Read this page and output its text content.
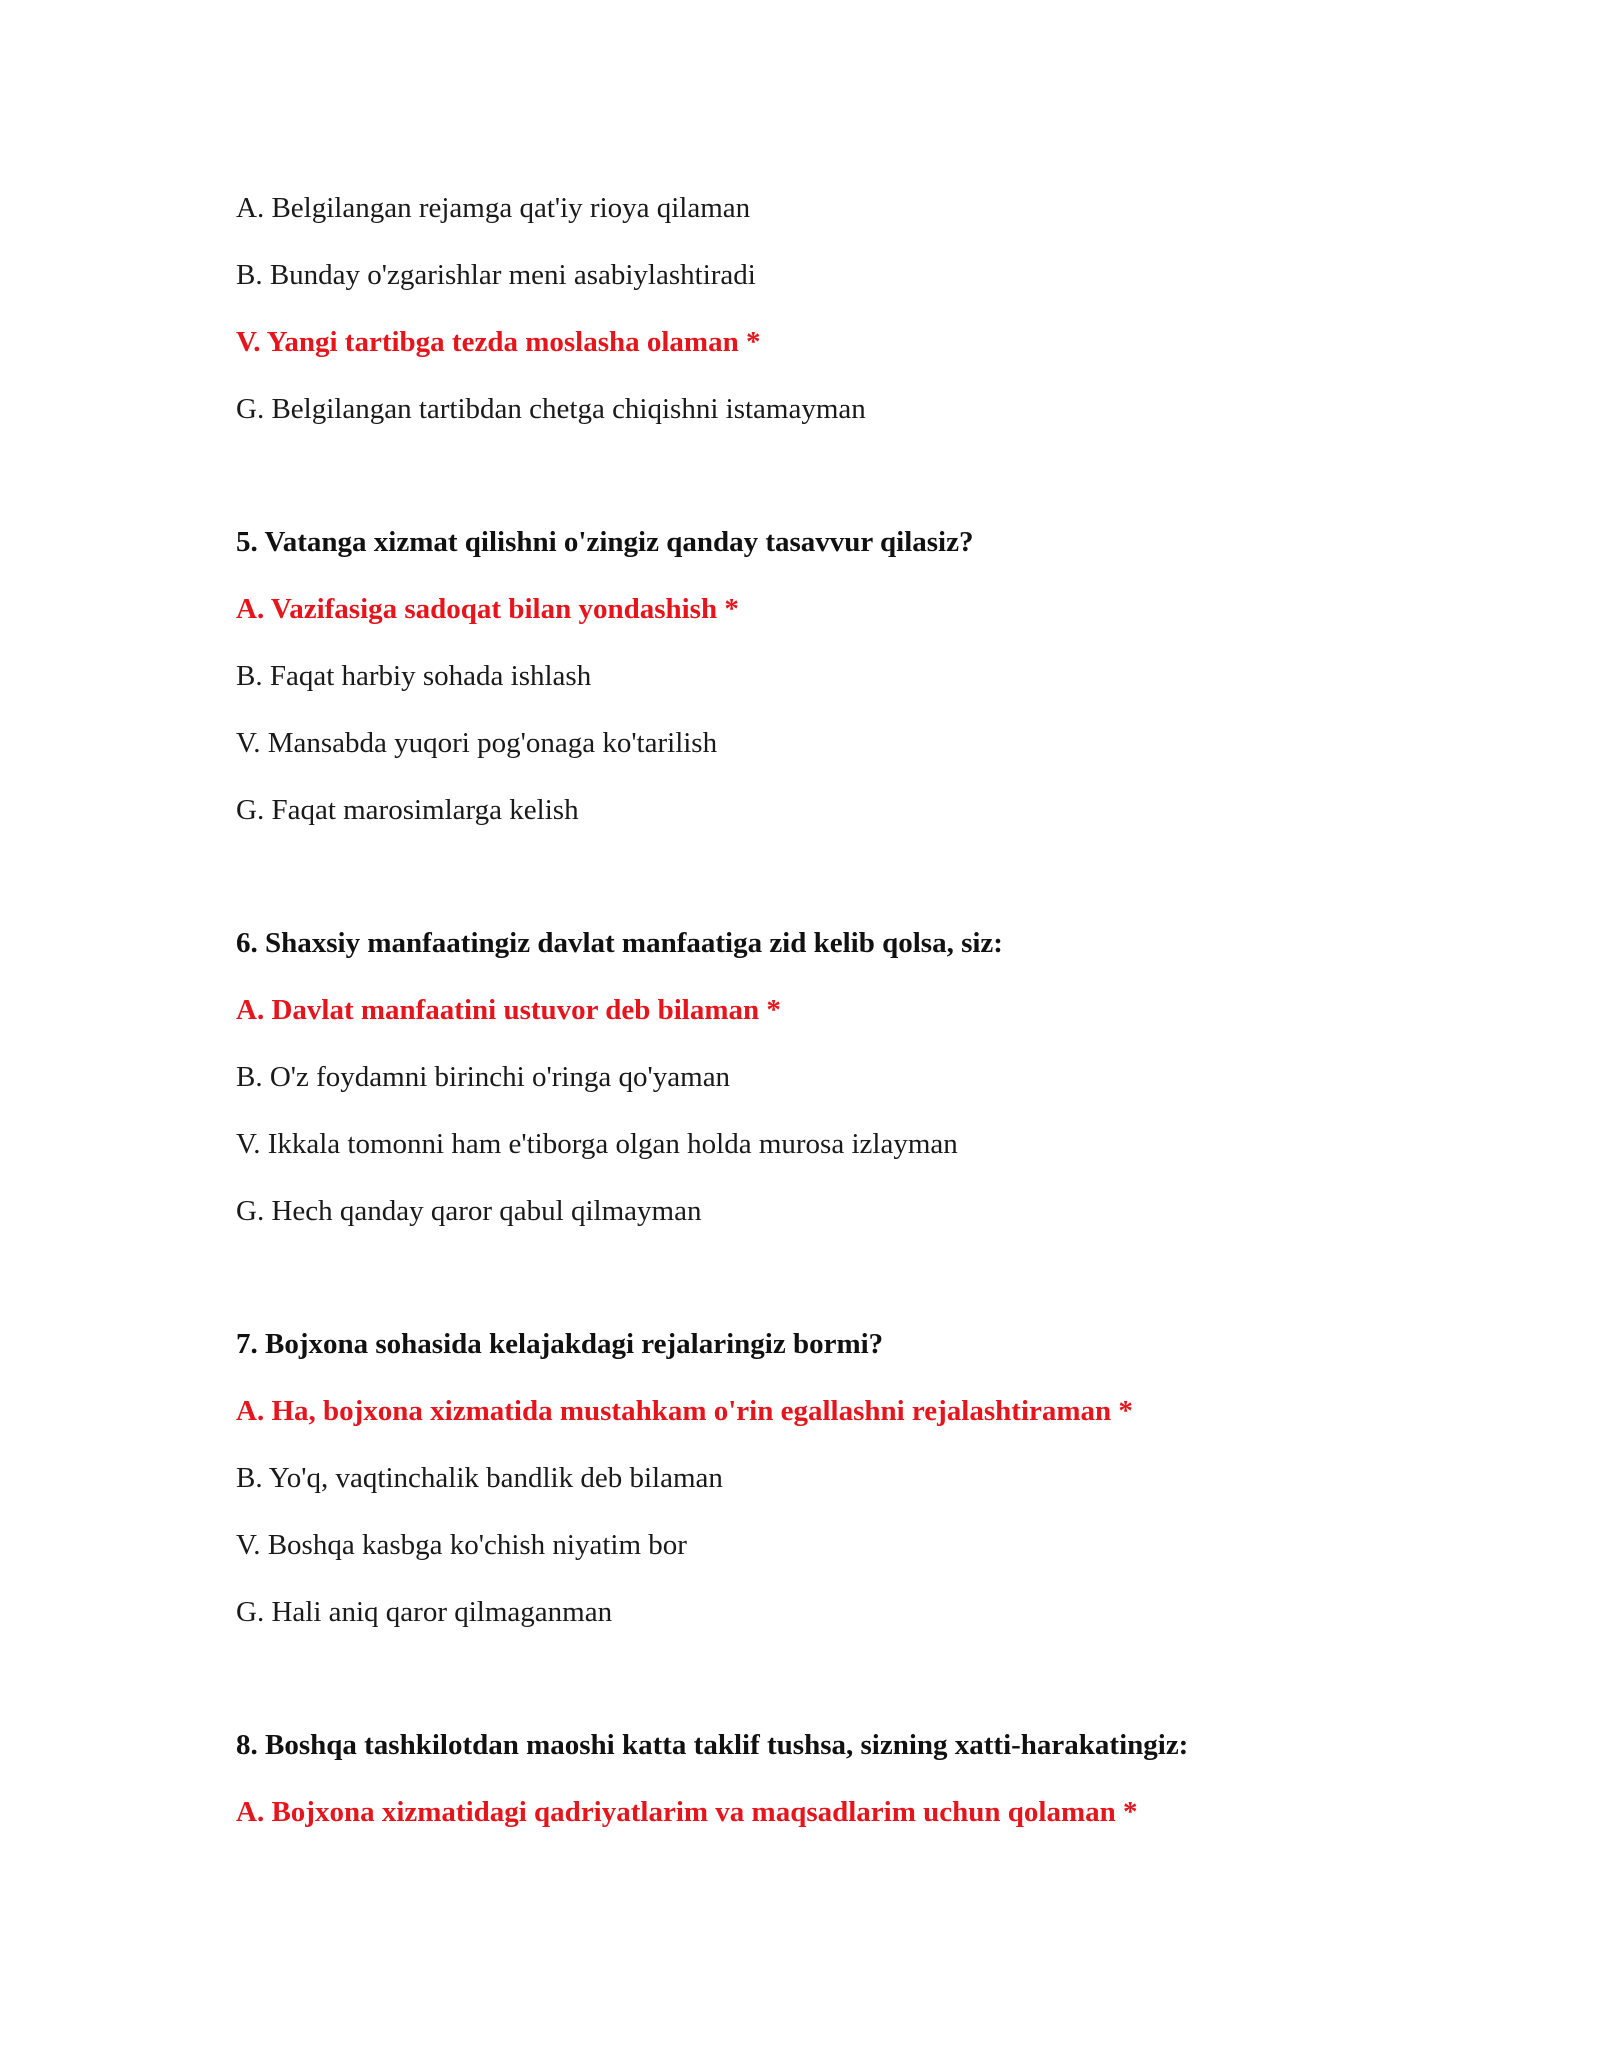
A. Belgilangan rejamga qat'iy rioya qilaman
B. Bunday o'zgarishlar meni asabiylashtiradi
V. Yangi tartibga tezda moslasha olaman *
G. Belgilangan tartibdan chetga chiqishni istamayman
5. Vatanga xizmat qilishni o'zingiz qanday tasavvur qilasiz?
A. Vazifasiga sadoqat bilan yondashish *
B. Faqat harbiy sohada ishlash
V. Mansabda yuqori pog'onaga ko'tarilish
G. Faqat marosimlarga kelish
6. Shaxsiy manfaatingiz davlat manfaatiga zid kelib qolsa, siz:
A. Davlat manfaatini ustuvor deb bilaman *
B. O'z foydamni birinchi o'ringa qo'yaman
V. Ikkala tomonni ham e'tiborga olgan holda murosa izlayman
G. Hech qanday qaror qabul qilmayman
7. Bojxona sohasida kelajakdagi rejalaringiz bormi?
A. Ha, bojxona xizmatida mustahkam o'rin egallashni rejalashtiraman *
B. Yo'q, vaqtinchalik bandlik deb bilaman
V. Boshqa kasbga ko'chish niyatim bor
G. Hali aniq qaror qilmaganman
8. Boshqa tashkilotdan maoshi katta taklif tushsa, sizning xatti-harakatingiz:
A. Bojxona xizmatidagi qadriyatlarim va maqsadlarim uchun qolaman *
